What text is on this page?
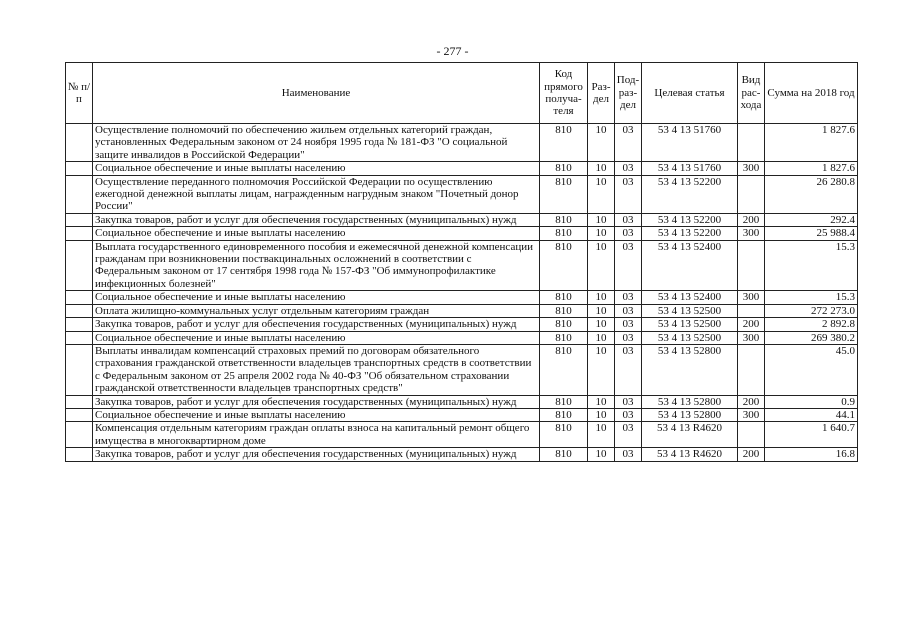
- 277 -
№ п/п	Наименование	Код прямого получа-теля	Раз-дел	Под-раз-дел	Целевая статья	Вид рас-хода	Сумма на 2018 год
	Осуществление полномочий по обеспечению жильем отдельных категорий граждан, установленных Федеральным законом от 24 ноября 1995 года № 181-ФЗ "О социальной защите инвалидов в Российской Федерации"	810	10	03	53 4 13 51760		1 827.6
	Социальное обеспечение и иные выплаты населению	810	10	03	53 4 13 51760	300	1 827.6
	Осуществление переданного полномочия Российской Федерации по осуществлению ежегодной денежной выплаты лицам, награжденным нагрудным знаком "Почетный донор России"	810	10	03	53 4 13 52200		26 280.8
	Закупка товаров, работ и услуг для обеспечения государственных (муниципальных) нужд	810	10	03	53 4 13 52200	200	292.4
	Социальное обеспечение и иные выплаты населению	810	10	03	53 4 13 52200	300	25 988.4
	Выплата государственного единовременного пособия и ежемесячной денежной компенсации гражданам при возникновении поствакцинальных осложнений в соответствии с Федеральным законом от 17 сентября 1998 года № 157-ФЗ "Об иммунопрофилактике инфекционных болезней"	810	10	03	53 4 13 52400		15.3
	Социальное обеспечение и иные выплаты населению	810	10	03	53 4 13 52400	300	15.3
	Оплата жилищно-коммунальных услуг отдельным категориям граждан	810	10	03	53 4 13 52500		272 273.0
	Закупка товаров, работ и услуг для обеспечения государственных (муниципальных) нужд	810	10	03	53 4 13 52500	200	2 892.8
	Социальное обеспечение и иные выплаты населению	810	10	03	53 4 13 52500	300	269 380.2
	Выплаты инвалидам компенсаций страховых премий по договорам обязательного страхования гражданской ответственности владельцев транспортных средств в соответствии с Федеральным законом от 25 апреля 2002 года № 40-ФЗ "Об обязательном страховании гражданской ответственности владельцев транспортных средств"	810	10	03	53 4 13 52800		45.0
	Закупка товаров, работ и услуг для обеспечения государственных (муниципальных) нужд	810	10	03	53 4 13 52800	200	0.9
	Социальное обеспечение и иные выплаты населению	810	10	03	53 4 13 52800	300	44.1
	Компенсация отдельным категориям граждан оплаты взноса на капитальный ремонт общего имущества в многоквартирном доме	810	10	03	53 4 13 R4620		1 640.7
	Закупка товаров, работ и услуг для обеспечения государственных (муниципальных) нужд	810	10	03	53 4 13 R4620	200	16.8
